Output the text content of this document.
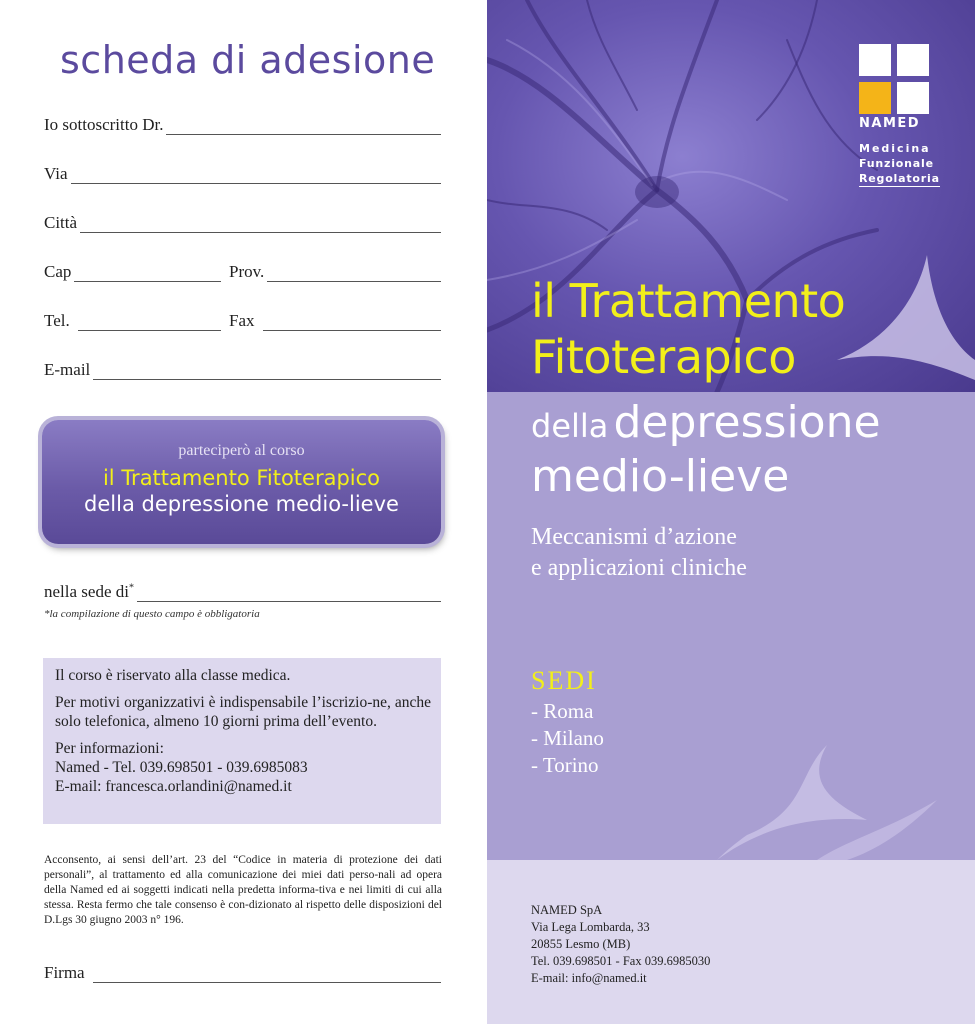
scheda di adesione
Io sottoscritto Dr.
Via
Città
Cap	Prov.
Tel.	Fax
E-mail
parteciperò al corso
il Trattamento Fitoterapico
della depressione medio-lieve
nella sede di*
*la compilazione di questo campo è obbligatoria

Il corso è riservato alla classe medica.

Per motivi organizzativi è indispensabile l’iscrizio-ne, anche solo telefonica, almeno 10 giorni prima dell’evento.

Per informazioni:
Named - Tel. 039.698501 - 039.6985083
E-mail: francesca.orlandini@named.it
Acconsento, ai sensi dell’art. 23 del “Codice in materia di protezione dei dati personali”, al trattamento ed alla comunicazione dei miei dati perso-nali ad opera della Named ed ai soggetti indicati nella predetta informa-tiva e nei limiti di cui alla stessa. Resta fermo che tale consenso è con-dizionato al rispetto delle disposizioni del D.Lgs 30 giugno 2003 n° 196.
Firma
NAMED
Medicina
Funzionale
Regolatoria
il Trattamento
Fitoterapico
della depressione
medio-lieve
Meccanismi d’azione
e applicazioni cliniche
SEDI
- Roma
- Milano
- Torino
NAMED SpA
Via Lega Lombarda, 33
20855 Lesmo (MB)
Tel. 039.698501 - Fax 039.6985030
E-mail: info@named.it
